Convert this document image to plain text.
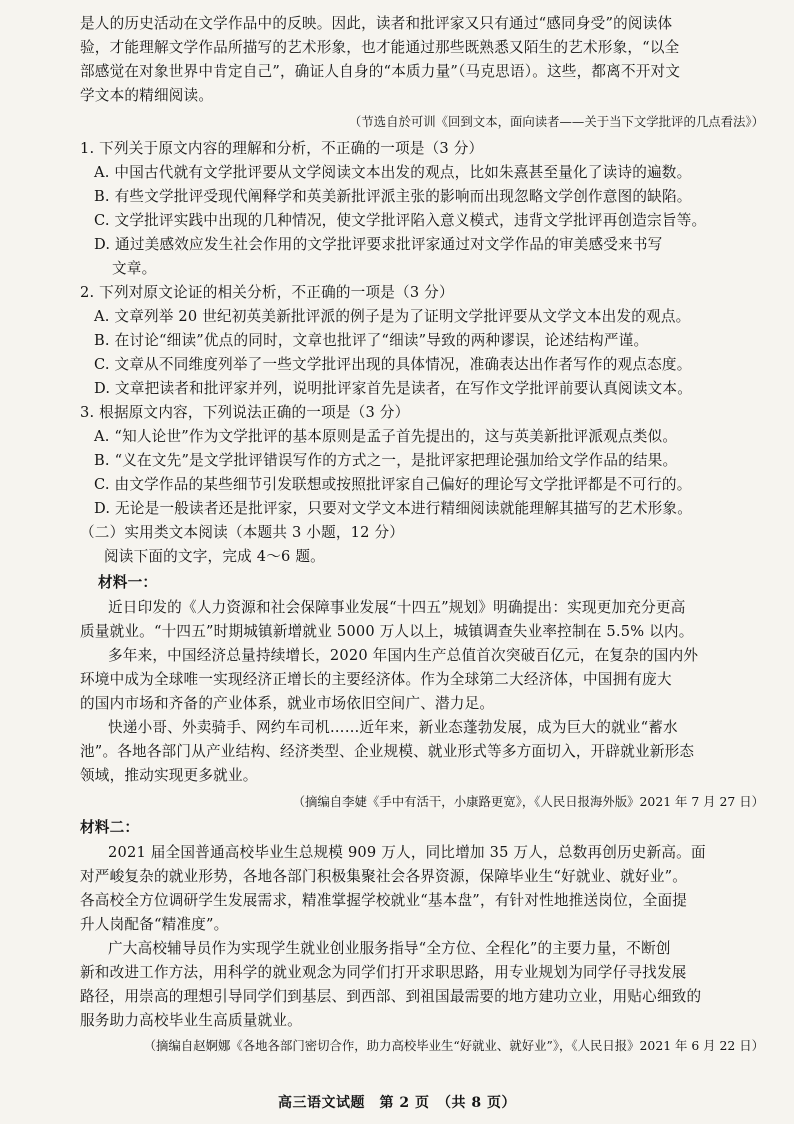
是人的历史活动在文学作品中的反映。因此，读者和批评家又只有通过“感同身受”的阅读体
验，才能理解文学作品所描写的艺术形象，也才能通过那些既熟悉又陌生的艺术形象，“以全
部感觉在对象世界中肯定自己”，确证人自身的“本质力量”（马克思语）。这些，都离不开对文
学文本的精细阅读。
（节选自於可训《回到文本，面向读者——关于当下文学批评的几点看法》）
1. 下列关于原文内容的理解和分析，不正确的一项是（3 分）
A. 中国古代就有文学批评要从文学阅读文本出发的观点，比如朱熹甚至量化了读诗的遍数。
B. 有些文学批评受现代阐释学和英美新批评派主张的影响而出现忽略文学创作意图的缺陷。
C. 文学批评实践中出现的几种情况，使文学批评陷入意义模式，违背文学批评再创造宗旨等。
D. 通过美感效应发生社会作用的文学批评要求批评家通过对文学作品的审美感受来书写
文章。
2. 下列对原文论证的相关分析，不正确的一项是（3 分）
A. 文章列举 20 世纪初英美新批评派的例子是为了证明文学批评要从文学文本出发的观点。
B. 在讨论“细读”优点的同时，文章也批评了“细读”导致的两种谬误，论述结构严谨。
C. 文章从不同维度列举了一些文学批评出现的具体情况，准确表达出作者写作的观点态度。
D. 文章把读者和批评家并列，说明批评家首先是读者，在写作文学批评前要认真阅读文本。
3. 根据原文内容，下列说法正确的一项是（3 分）
A. “知人论世”作为文学批评的基本原则是孟子首先提出的，这与英美新批评派观点类似。
B. “义在文先”是文学批评错误写作的方式之一，是批评家把理论强加给文学作品的结果。
C. 由文学作品的某些细节引发联想或按照批评家自己偏好的理论写文学批评都是不可行的。
D. 无论是一般读者还是批评家，只要对文学文本进行精细阅读就能理解其描写的艺术形象。
（二）实用类文本阅读（本题共 3 小题，12 分）
阅读下面的文字，完成 4～6 题。
材料一：
近日印发的《人力资源和社会保障事业发展“十四五”规划》明确提出：实现更加充分更高
质量就业。“十四五”时期城镇新增就业 5000 万人以上，城镇调查失业率控制在 5.5% 以内。
多年来，中国经济总量持续增长，2020 年国内生产总值首次突破百亿元，在复杂的国内外
环境中成为全球唯一实现经济正增长的主要经济体。作为全球第二大经济体，中国拥有庞大
的国内市场和齐备的产业体系，就业市场依旧空间广、潜力足。
快递小哥、外卖骑手、网约车司机……近年来，新业态蓬勃发展，成为巨大的就业“蓄水
池”。各地各部门从产业结构、经济类型、企业规模、就业形式等多方面切入，开辟就业新形态
领域，推动实现更多就业。
（摘编自李婕《手中有活干，小康路更宽》，《人民日报海外版》2021 年 7 月 27 日）
材料二：
2021 届全国普通高校毕业生总规模 909 万人，同比增加 35 万人，总数再创历史新高。面
对严峻复杂的就业形势，各地各部门积极集聚社会各界资源，保障毕业生“好就业、就好业”。
各高校全方位调研学生发展需求，精准掌握学校就业“基本盘”，有针对性地推送岗位，全面提
升人岗配备“精准度”。
广大高校辅导员作为实现学生就业创业服务指导“全方位、全程化”的主要力量，不断创
新和改进工作方法，用科学的就业观念为同学们打开求职思路，用专业规划为同学仔寻找发展
路径，用崇高的理想引导同学们到基层、到西部、到祖国最需要的地方建功立业，用贴心细致的
服务助力高校毕业生高质量就业。
（摘编自赵婀娜《各地各部门密切合作，助力高校毕业生“好就业、就好业”》，《人民日报》2021 年 6 月 22 日）
高三语文试题　第 2 页　（共 8 页）
